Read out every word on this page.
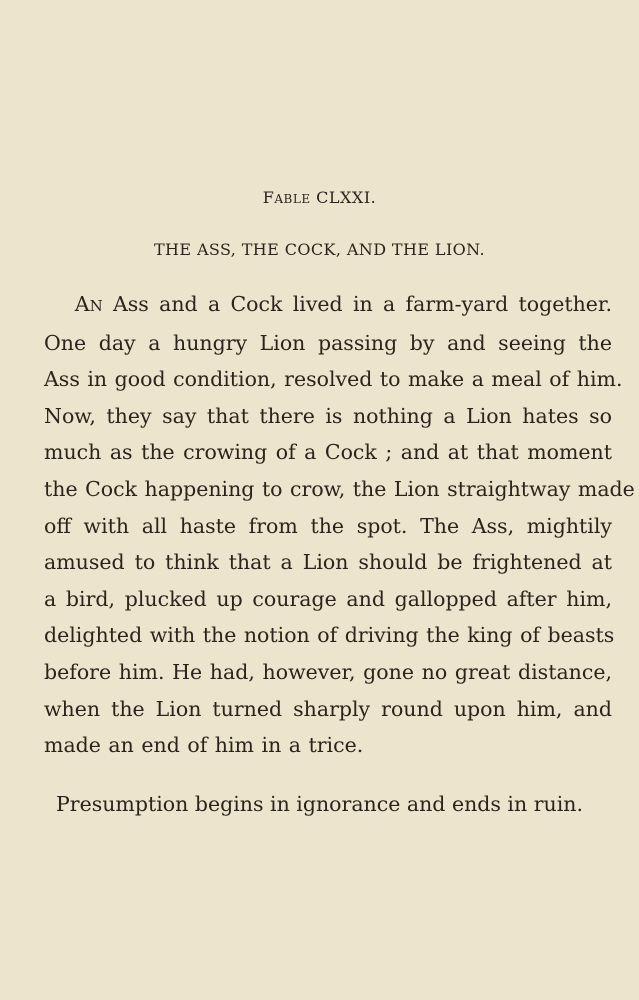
FABLE CLXXI.
THE ASS, THE COCK, AND THE LION.
  AN Ass and a Cock lived in a farm-yard together.
One day a hungry Lion passing by and seeing the
Ass in good condition, resolved to make a meal of him.
Now, they say that there is nothing a Lion hates so
much as the crowing of a Cock ; and at that moment
the Cock happening to crow, the Lion straightway made
off with all haste from the spot. The Ass, mightily
amused to think that a Lion should be frightened at
a bird, plucked up courage and gallopped after him,
delighted with the notion of driving the king of beasts
before him. He had, however, gone no great distance,
when the Lion turned sharply round upon him, and
made an end of him in a trice.
Presumption begins in ignorance and ends in ruin.
